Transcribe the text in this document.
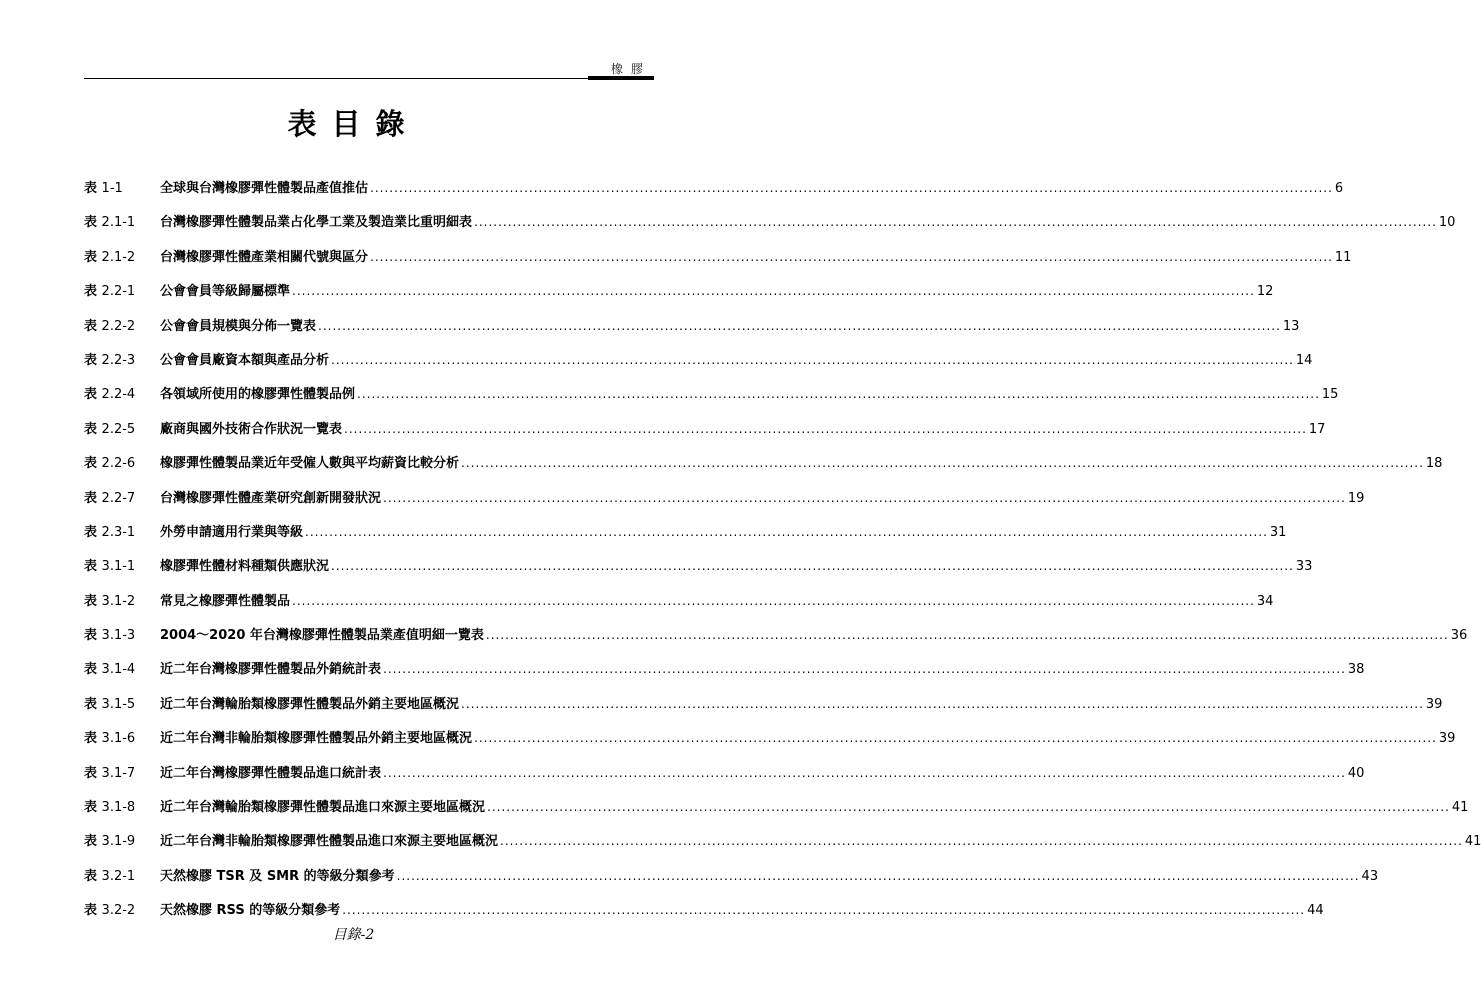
橡膠
表目錄
表 1-1	全球與台灣橡膠彈性體製品產值推估 ........................................................................................................................................................................................................ 6
表 2.1-1	台灣橡膠彈性體製品業占化學工業及製造業比重明細表 ........................................................................................................................................................................................................ 10
表 2.1-2	台灣橡膠彈性體產業相關代號與區分 ........................................................................................................................................................................................................ 11
表 2.2-1	公會會員等級歸屬標準 ........................................................................................................................................................................................................ 12
表 2.2-2	公會會員規模與分佈一覽表 ........................................................................................................................................................................................................ 13
表 2.2-3	公會會員廠資本額與產品分析 ........................................................................................................................................................................................................ 14
表 2.2-4	各領域所使用的橡膠彈性體製品例 ........................................................................................................................................................................................................ 15
表 2.2-5	廠商與國外技術合作狀況一覽表 ........................................................................................................................................................................................................ 17
表 2.2-6	橡膠彈性體製品業近年受僱人數與平均薪資比較分析 ........................................................................................................................................................................................................ 18
表 2.2-7	台灣橡膠彈性體產業研究創新開發狀況 ........................................................................................................................................................................................................ 19
表 2.3-1	外勞申請適用行業與等級 ........................................................................................................................................................................................................ 31
表 3.1-1	橡膠彈性體材料種類供應狀況 ........................................................................................................................................................................................................ 33
表 3.1-2	常見之橡膠彈性體製品 ........................................................................................................................................................................................................ 34
表 3.1-3	2004～2020 年台灣橡膠彈性體製品業產值明細一覽表 ........................................................................................................................................................................................................ 36
表 3.1-4	近二年台灣橡膠彈性體製品外銷統計表 ........................................................................................................................................................................................................ 38
表 3.1-5	近二年台灣輪胎類橡膠彈性體製品外銷主要地區概況 ........................................................................................................................................................................................................ 39
表 3.1-6	近二年台灣非輪胎類橡膠彈性體製品外銷主要地區概況 ........................................................................................................................................................................................................ 39
表 3.1-7	近二年台灣橡膠彈性體製品進口統計表 ........................................................................................................................................................................................................ 40
表 3.1-8	近二年台灣輪胎類橡膠彈性體製品進口來源主要地區概況 ........................................................................................................................................................................................................ 41
表 3.1-9	近二年台灣非輪胎類橡膠彈性體製品進口來源主要地區概況 ........................................................................................................................................................................................................ 41
表 3.2-1	天然橡膠 TSR 及 SMR 的等級分類參考 ........................................................................................................................................................................................................ 43
表 3.2-2	天然橡膠 RSS 的等級分類參考 ........................................................................................................................................................................................................ 44
目錄-2
